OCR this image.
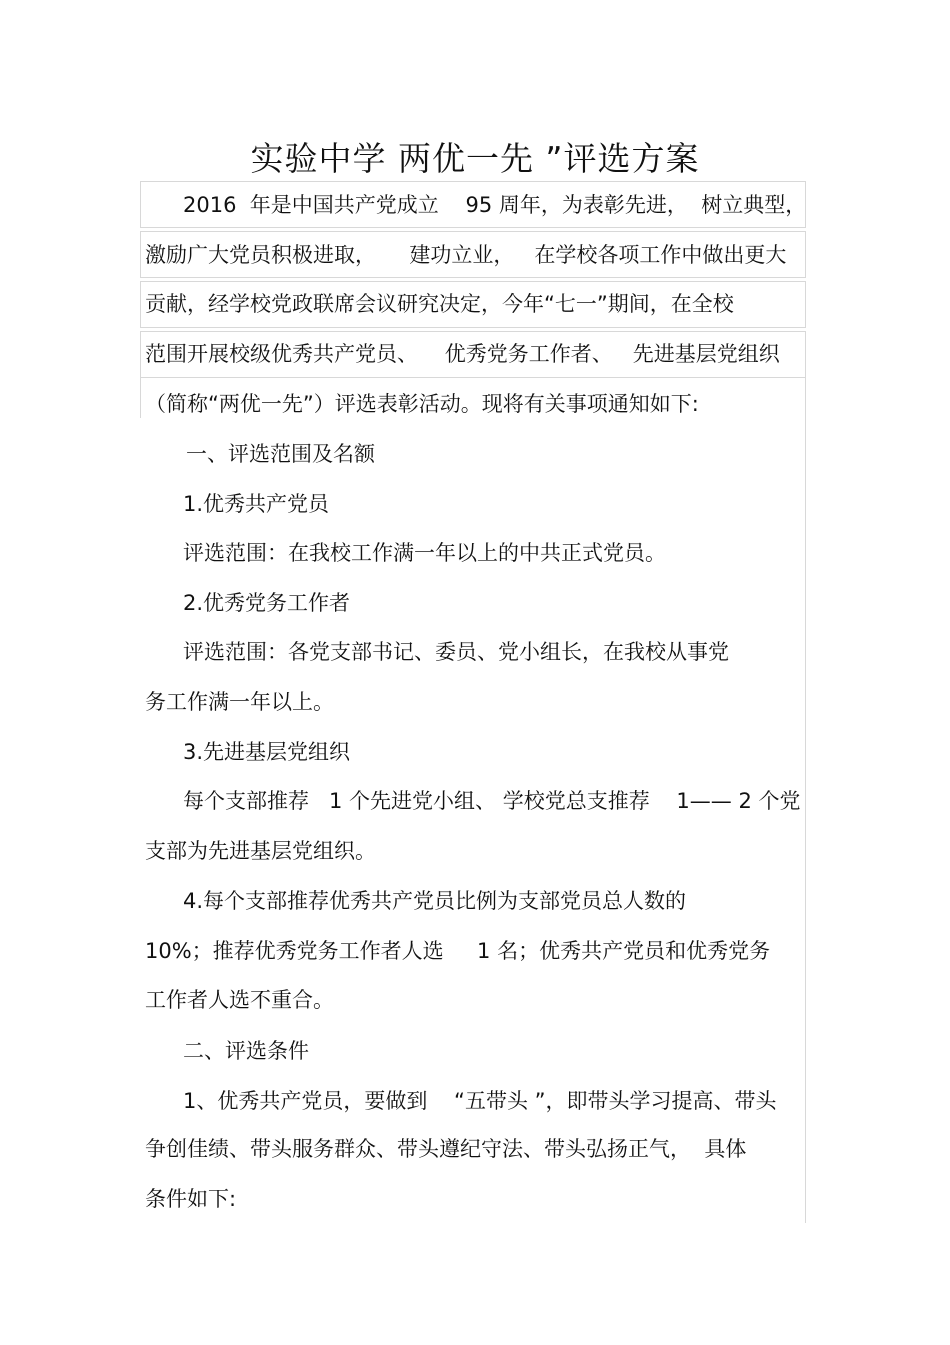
实验中学 两优一先 ”评选方案
2016  年是中国共产党成立    95 周年，为表彰先进，  树立典型，
激励广大党员积极进取，     建功立业，   在学校各项工作中做出更大
贡献，经学校党政联席会议研究决定，今年“七一”期间，在全校
范围开展校级优秀共产党员、    优秀党务工作者、   先进基层党组织
（简称“两优一先”）评选表彰活动。现将有关事项通知如下:
一、评选范围及名额
1.优秀共产党员
评选范围：在我校工作满一年以上的中共正式党员。
2.优秀党务工作者
评选范围：各党支部书记、委员、党小组长，在我校从事党
务工作满一年以上。
3.先进基层党组织
每个支部推荐   1 个先进党小组、 学校党总支推荐    1—— 2 个党
支部为先进基层党组织。
4.每个支部推荐优秀共产党员比例为支部党员总人数的
10%；推荐优秀党务工作者人选     1 名；优秀共产党员和优秀党务
工作者人选不重合。
二、评选条件
1、优秀共产党员，要做到    “五带头 ”，即带头学习提高、带头
争创佳绩、带头服务群众、带头遵纪守法、带头弘扬正气，  具体
条件如下:
